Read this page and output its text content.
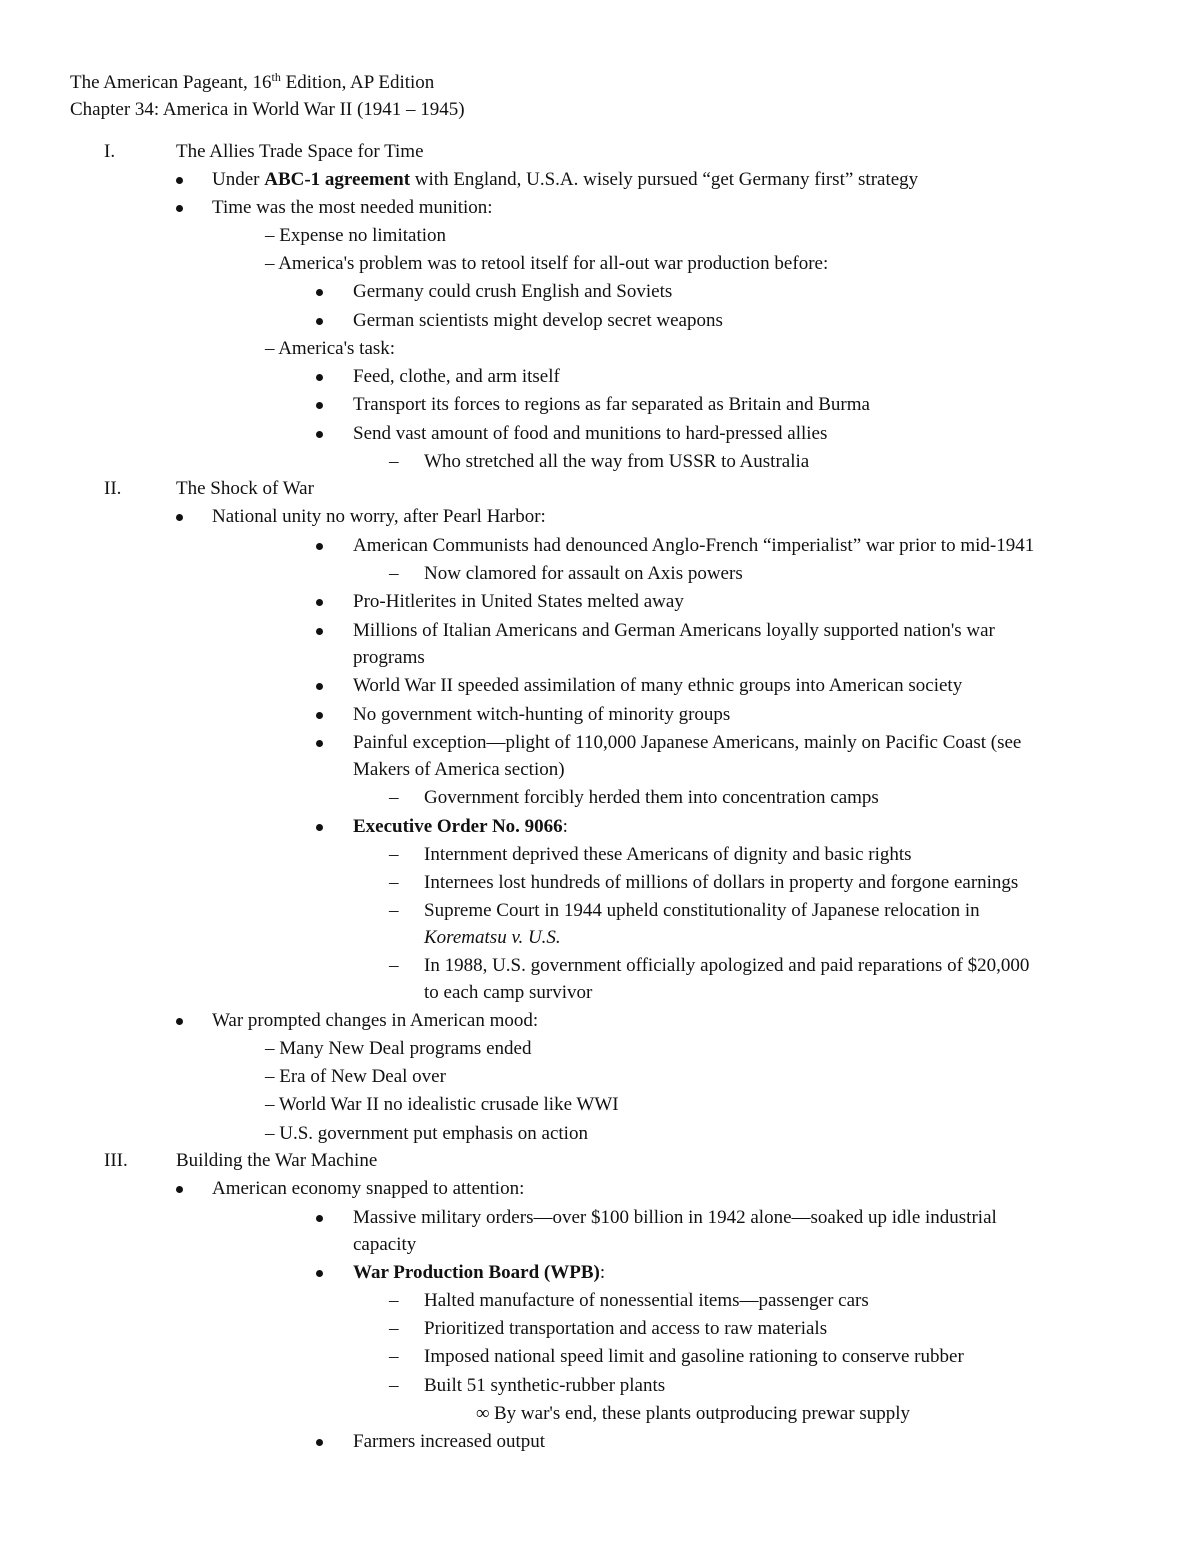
The American Pageant, 16th Edition, AP Edition
Chapter 34: America in World War II (1941 – 1945)
I.	The Allies Trade Space for Time
Under ABC-1 agreement with England, U.S.A. wisely pursued “get Germany first” strategy
Time was the most needed munition:
– Expense no limitation
– America's problem was to retool itself for all-out war production before:
Germany could crush English and Soviets
German scientists might develop secret weapons
– America's task:
Feed, clothe, and arm itself
Transport its forces to regions as far separated as Britain and Burma
Send vast amount of food and munitions to hard-pressed allies
– Who stretched all the way from USSR to Australia
II.	The Shock of War
National unity no worry, after Pearl Harbor:
American Communists had denounced Anglo-French “imperialist” war prior to mid-1941
– Now clamored for assault on Axis powers
Pro-Hitlerites in United States melted away
Millions of Italian Americans and German Americans loyally supported nation's war
programs
World War II speeded assimilation of many ethnic groups into American society
No government witch-hunting of minority groups
Painful exception—plight of 110,000 Japanese Americans, mainly on Pacific Coast (see
Makers of America section)
– Government forcibly herded them into concentration camps
Executive Order No. 9066:
– Internment deprived these Americans of dignity and basic rights
– Internees lost hundreds of millions of dollars in property and forgone earnings
– Supreme Court in 1944 upheld constitutionality of Japanese relocation in
Korematsu v. U.S.
– In 1988, U.S. government officially apologized and paid reparations of $20,000
to each camp survivor
War prompted changes in American mood:
– Many New Deal programs ended
– Era of New Deal over
– World War II no idealistic crusade like WWI
– U.S. government put emphasis on action
III.	Building the War Machine
American economy snapped to attention:
Massive military orders—over $100 billion in 1942 alone—soaked up idle industrial
capacity
War Production Board (WPB):
– Halted manufacture of nonessential items—passenger cars
– Prioritized transportation and access to raw materials
– Imposed national speed limit and gasoline rationing to conserve rubber
– Built 51 synthetic-rubber plants
∞ By war's end, these plants outproducing prewar supply
Farmers increased output
